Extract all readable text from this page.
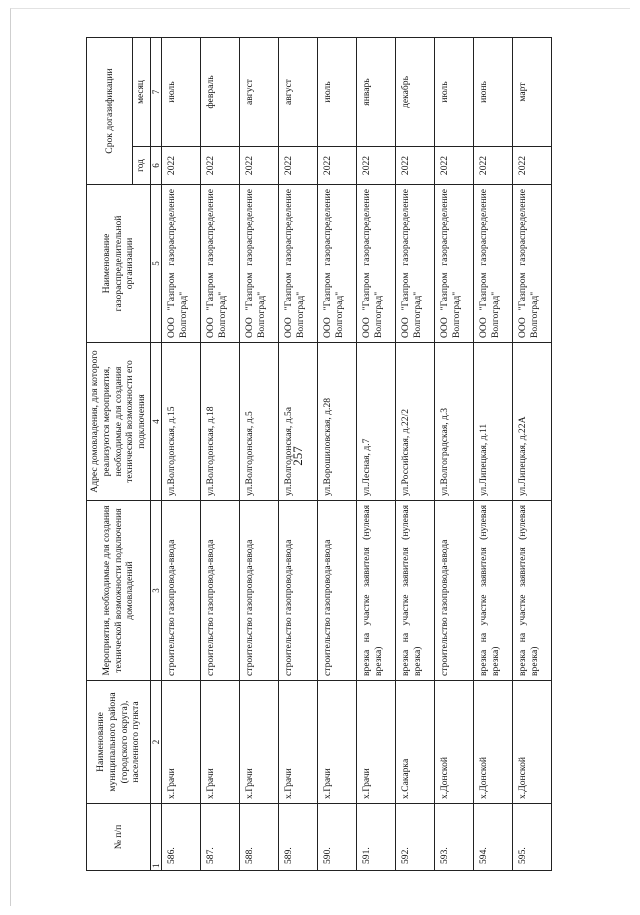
257
№ п/п	Наименование муниципального района (городского округа), населенного пункта	Мероприятия, необходимые для создания технической возможности подключения домовладений	Адрес домовладения, для которого реализуются мероприятия, необходимые для создания технической возможности его подключения	Наименование газораспределительной организации	Срок догазификации	
					год	месяц
1	2	3	4	5	6	7
586.	х.Грачи	строительство газопровода-ввода	ул.Волгодонская, д.15	ООО "Газпром газораспределение Волгоград"	2022	июль
587.	х.Грачи	строительство газопровода-ввода	ул.Волгодонская, д.18	ООО "Газпром газораспределение Волгоград"	2022	февраль
588.	х.Грачи	строительство газопровода-ввода	ул.Волгодонская, д.5	ООО "Газпром газораспределение Волгоград"	2022	август
589.	х.Грачи	строительство газопровода-ввода	ул.Волгодонская, д.5а	ООО "Газпром газораспределение Волгоград"	2022	август
590.	х.Грачи	строительство газопровода-ввода	ул.Ворошиловская, д.28	ООО "Газпром газораспределение Волгоград"	2022	июль
591.	х.Грачи	врезка на участке заявителя (нулевая врезка)	ул.Лесная, д.7	ООО "Газпром газораспределение Волгоград"	2022	январь
592.	х.Сакарка	врезка на участке заявителя (нулевая врезка)	ул.Российская, д.22/2	ООО "Газпром газораспределение Волгоград"	2022	декабрь
593.	х.Донской	строительство газопровода-ввода	ул.Волгоградская, д.3	ООО "Газпром газораспределение Волгоград"	2022	июль
594.	х.Донской	врезка на участке заявителя (нулевая врезка)	ул.Липецкая, д.11	ООО "Газпром газораспределение Волгоград"	2022	июнь
595.	х.Донской	врезка на участке заявителя (нулевая врезка)	ул.Липецкая, д.22А	ООО "Газпром газораспределение Волгоград"	2022	март
